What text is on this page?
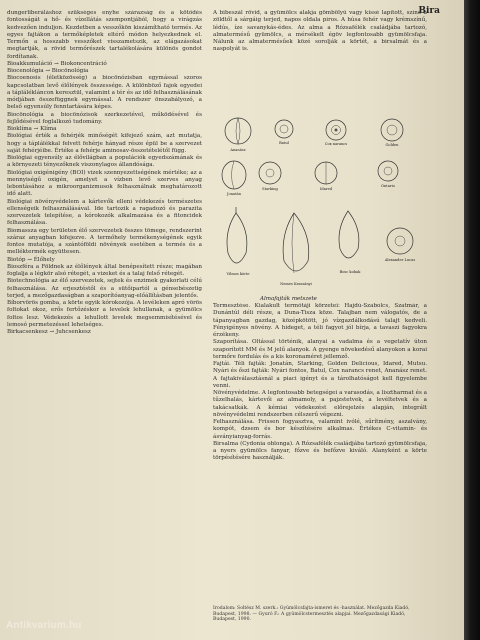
Bira

dungerliberáláshoz szükséges enyhe szárazság és a kötődés fontosságát a hő- és vízellátás szempontjából, hogy a virágzás kedvezően induljon. Kezdetben a vesszőkön kiszámítható termés. Az egyes fajtákon a termőképletek eltérő módon helyezkednek el. Termőn a hosszabb vesszőket visszametszik, az elágazásokat megtartják, a rövid termőrészek tartalékolására különös gondot fordítanak.

Bioakkumuláció → Biokoncentráció

Biocenológia → Biocönológia

Biocoenosis (életközösség) a biocönózisban egymással szoros kapcsolatban levő élőlények összessége. A különböző fajok egyedei a táplálékláncon keresztül, valamint a tér és az idő felhasználásának módjában összefüggnek egymással. A rendszer önszabályozó, a belső egyensúly fenntartására képes.

Biocönológia a biocönózisok szerkezetével, működésével és fejlődésével foglalkozó tudomány.

Bioklíma → Klíma

Biológiai érték a fehérjék minőségét kifejező szám, azt mutatja, hogy a táplálékkal felvett fehérje hányad része épül be a szervezet saját fehérjéibe. Értéke a fehérje aminosav-összetételétől függ.

Biológiai egyensúly az élővilágban a populációk egyedszámának és a környezeti tényezőknek viszonylagos állandósága.

Biológiai oxigénigény (BOI) vizek szennyezettségének mértéke; az a mennyiségű oxigén, amelyet a vízben levő szerves anyag lebontásához a mikroorganizmusok felhasználnak meghatározott idő alatt.

Biológiai növényvédelem a kártevők elleni védekezés természetes ellenségeik felhasználásával. Ide tartozik a ragadozó és parazita szervezetek telepítése, a kórokozók alkalmazása és a fitoncidek felhasználása.

Biomassza egy területen élő szervezetek összes tömege, rendszerint száraz anyagban kifejezve. A termőhely termékenységének egyik fontos mutatója, a szántóföldi növények esetében a termés és a melléktermék együttesen.

Biotóp → Élőhely

Bioszféra a Földnek az élőlények által benépesített része; magában foglalja a légkör alsó rétegét, a vizeket és a talaj felső rétegét.

Biotechnológia az élő szervezetek, sejtek és enzimek gyakorlati célú felhasználása. Az erjesztéstől és a sütőipartól a génsebészetig terjed, a mezőgazdaságban a szaporítóanyag-előállításban jelentős.

Bíborvörös gomba, a körte egyik kórokozója. A levéleken apró vörös foltokat okoz, erős fertőzéskor a levelek lehullanak, a gyümölcs foltos lesz. Védekezés a lehullott levelek megsemmisítésével és lemosó permetezéssel lehetséges.

Birkacsenkesz → Juhcsenkesz

A bibeszál rövid, a gyümölcs alakja gömbölyű vagy kissé lapított, színe a zöldtől a sárgáig terjed, napos oldala piros. A húsa fehér vagy krémszínű, lédús, íze savanykás-édes. Az alma a Rózsafélék családjába tartozó, almatermésű gyümölcs, a mérsékelt égöv legfontosabb gyümölcsfaja. Nálunk az almatermésűek közé sorolják a körtét, a birsalmát és a naspolyát is.

Ananász
Batul	Cox narancs	Golden
Jonatán
Starking	Idared
Ontario
Vilmos körte
Nemes Krassányi
Bosc kobak
Alexander Lucas
Almafajták metszete

Termesztése. Kialakult termőtáji körzetei: Hajdú-Szabolcs, Szatmár, a Dunántúl déli része, a Duna-Tisza köze. Talajban nem válogatós, de a tápanyagban gazdag, középkötött, jó vízgazdálkodású talajt kedveli. Fényigényes növény. A hideget, a téli fagyot jól bírja, a tavaszi fagyokra érzékeny.

Szaporítása. Oltással történik, alanyai a vadalma és a vegetatív úton szaporított MM és M jelű alanyok. A gyenge növekedésű alanyokon a korai termőre fordulás és a kis koronaméret jellemző.

Fajtái. Téli fajták: Jonatán, Starking, Golden Delicious, Idared, Mutsu. Nyári és őszi fajták: Nyári fontos, Batul, Cox narancs renet, Ananász renet. A fajtakiválasztásnál a piaci igényt és a tárolhatóságot kell figyelembe venni.

Növényvédelme. A legfontosabb betegségei a varasodás, a lisztharmat és a tűzelhalás, kártevői az almamoly, a pajzstetvek, a levéltetvek és a takácsatkák. A kémiai védekezést előrejelzés alapján, integrált növényvédelmi rendszerben célszerű végezni.

Felhasználása. Frissen fogyasztva, valamint ivólé, sűrítmény, aszalvány, kompót, dzsem és bor készítésére alkalmas. Értékes C-vitamin- és ásványianyag-forrás.

Birsalma (Cydonia oblonga). A Rózsafélék családjába tartozó gyümölcsfaja, a nyers gyümölcs fanyar, főzve és befőzve kiváló. Alanyként a körte törpésítésére használják.

Irodalom: Soltész M. szerk.: Gyümölcsfajta-ismeret és -használat. Mezőgazda Kiadó, Budapest, 1998. — Gyuró F.: A gyümölcstermesztés alapjai. Mezőgazdasági Kiadó, Budapest, 1990.
Antikvarium.hu
